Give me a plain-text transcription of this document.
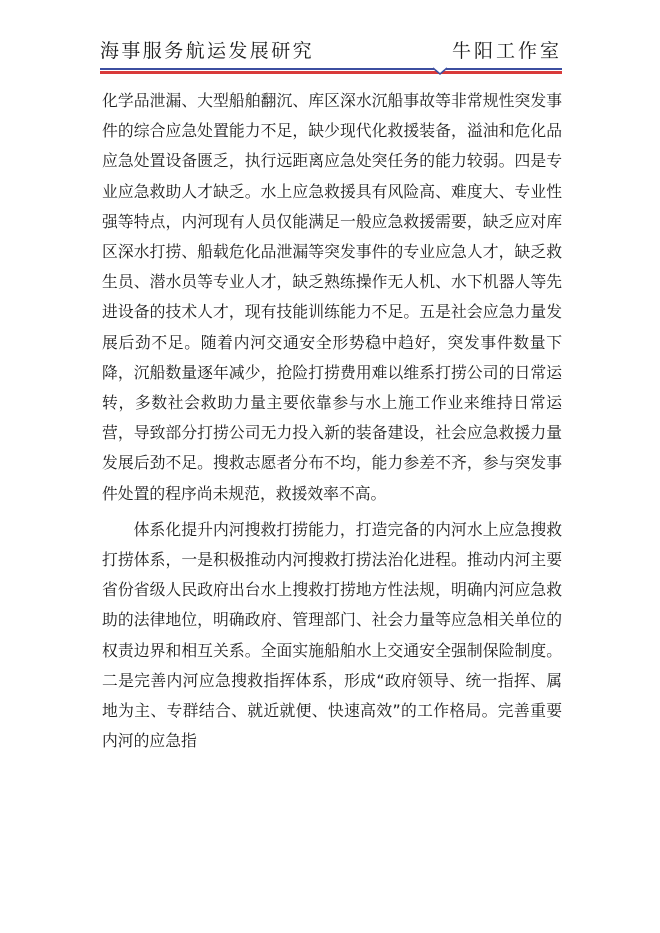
海事服务航运发展研究	牛阳工作室

化学品泄漏、大型船舶翻沉、库区深水沉船事故等非常规性突发事件的综合应急处置能力不足，缺少现代化救援装备，溢油和危化品应急处置设备匮乏，执行远距离应急处突任务的能力较弱。四是专业应急救助人才缺乏。水上应急救援具有风险高、难度大、专业性强等特点，内河现有人员仅能满足一般应急救援需要，缺乏应对库区深水打捞、船载危化品泄漏等突发事件的专业应急人才，缺乏救生员、潜水员等专业人才，缺乏熟练操作无人机、水下机器人等先进设备的技术人才，现有技能训练能力不足。五是社会应急力量发展后劲不足。随着内河交通安全形势稳中趋好，突发事件数量下降，沉船数量逐年减少，抢险打捞费用难以维系打捞公司的日常运转，多数社会救助力量主要依靠参与水上施工作业来维持日常运营，导致部分打捞公司无力投入新的装备建设，社会应急救援力量发展后劲不足。搜救志愿者分布不均，能力参差不齐，参与突发事件处置的程序尚未规范，救援效率不高。

体系化提升内河搜救打捞能力，打造完备的内河水上应急搜救打捞体系，一是积极推动内河搜救打捞法治化进程。推动内河主要省份省级人民政府出台水上搜救打捞地方性法规，明确内河应急救助的法律地位，明确政府、管理部门、社会力量等应急相关单位的权责边界和相互关系。全面实施船舶水上交通安全强制保险制度。二是完善内河应急搜救指挥体系，形成“政府领导、统一指挥、属地为主、专群结合、就近就便、快速高效”的工作格局。完善重要内河的应急指
